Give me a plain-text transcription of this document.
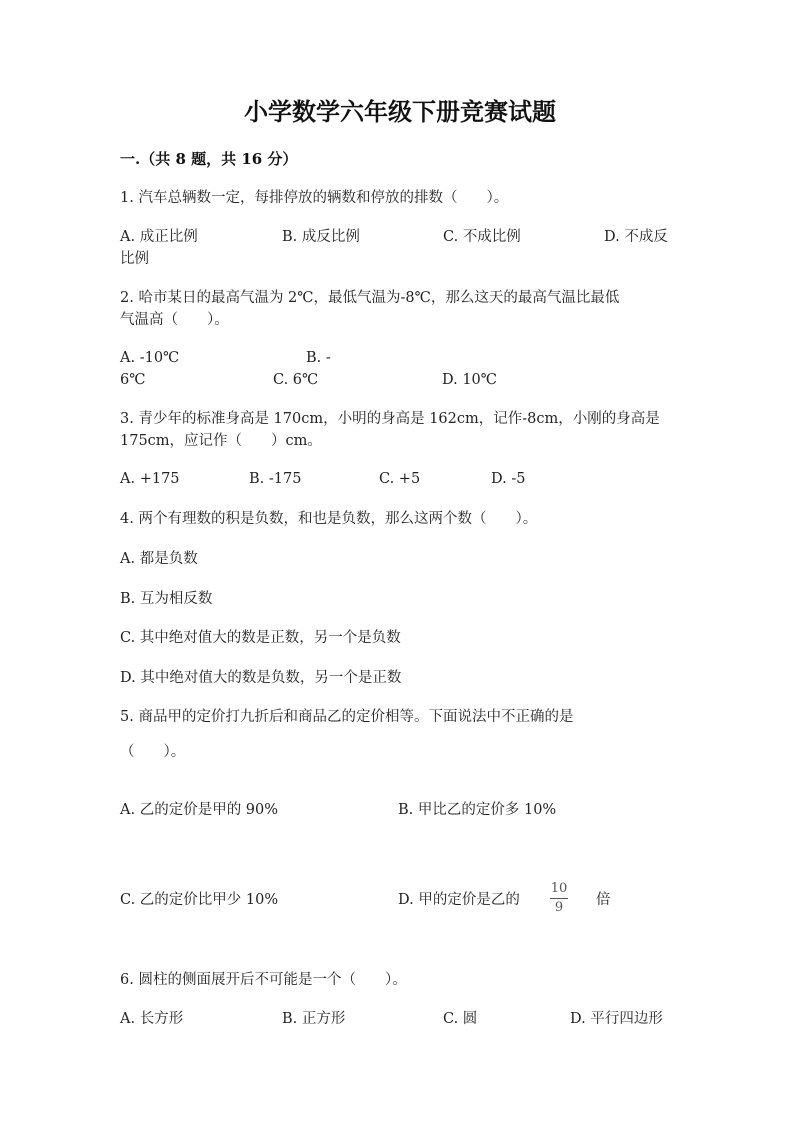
小学数学六年级下册竞赛试题
一.（共 8 题，共 16 分）
1. 汽车总辆数一定，每排停放的辆数和停放的排数（　　）。
A. 成正比例	B. 成反比例	C. 不成比例	D. 不成反
比例
2. 哈市某日的最高气温为 2℃，最低气温为-8℃，那么这天的最高气温比最低
气温高（　　）。
A. -10℃	B. -
6℃	C. 6℃	D. 10℃
3. 青少年的标准身高是 170cm，小明的身高是 162cm，记作-8cm，小刚的身高是
175cm，应记作（　　）cm。
A. +175	B. -175	C. +5	D. -5
4. 两个有理数的积是负数，和也是负数，那么这两个数（　　）。
A. 都是负数
B. 互为相反数
C. 其中绝对值大的数是正数，另一个是负数
D. 其中绝对值大的数是负数，另一个是正数
5. 商品甲的定价打九折后和商品乙的定价相等。下面说法中不正确的是
（　　）。
A. 乙的定价是甲的 90%	B. 甲比乙的定价多 10%
C. 乙的定价比甲少 10%	D. 甲的定价是乙的
10
9 倍
6. 圆柱的侧面展开后不可能是一个（　　）。
A. 长方形	B. 正方形	C. 圆	D. 平行四边形
